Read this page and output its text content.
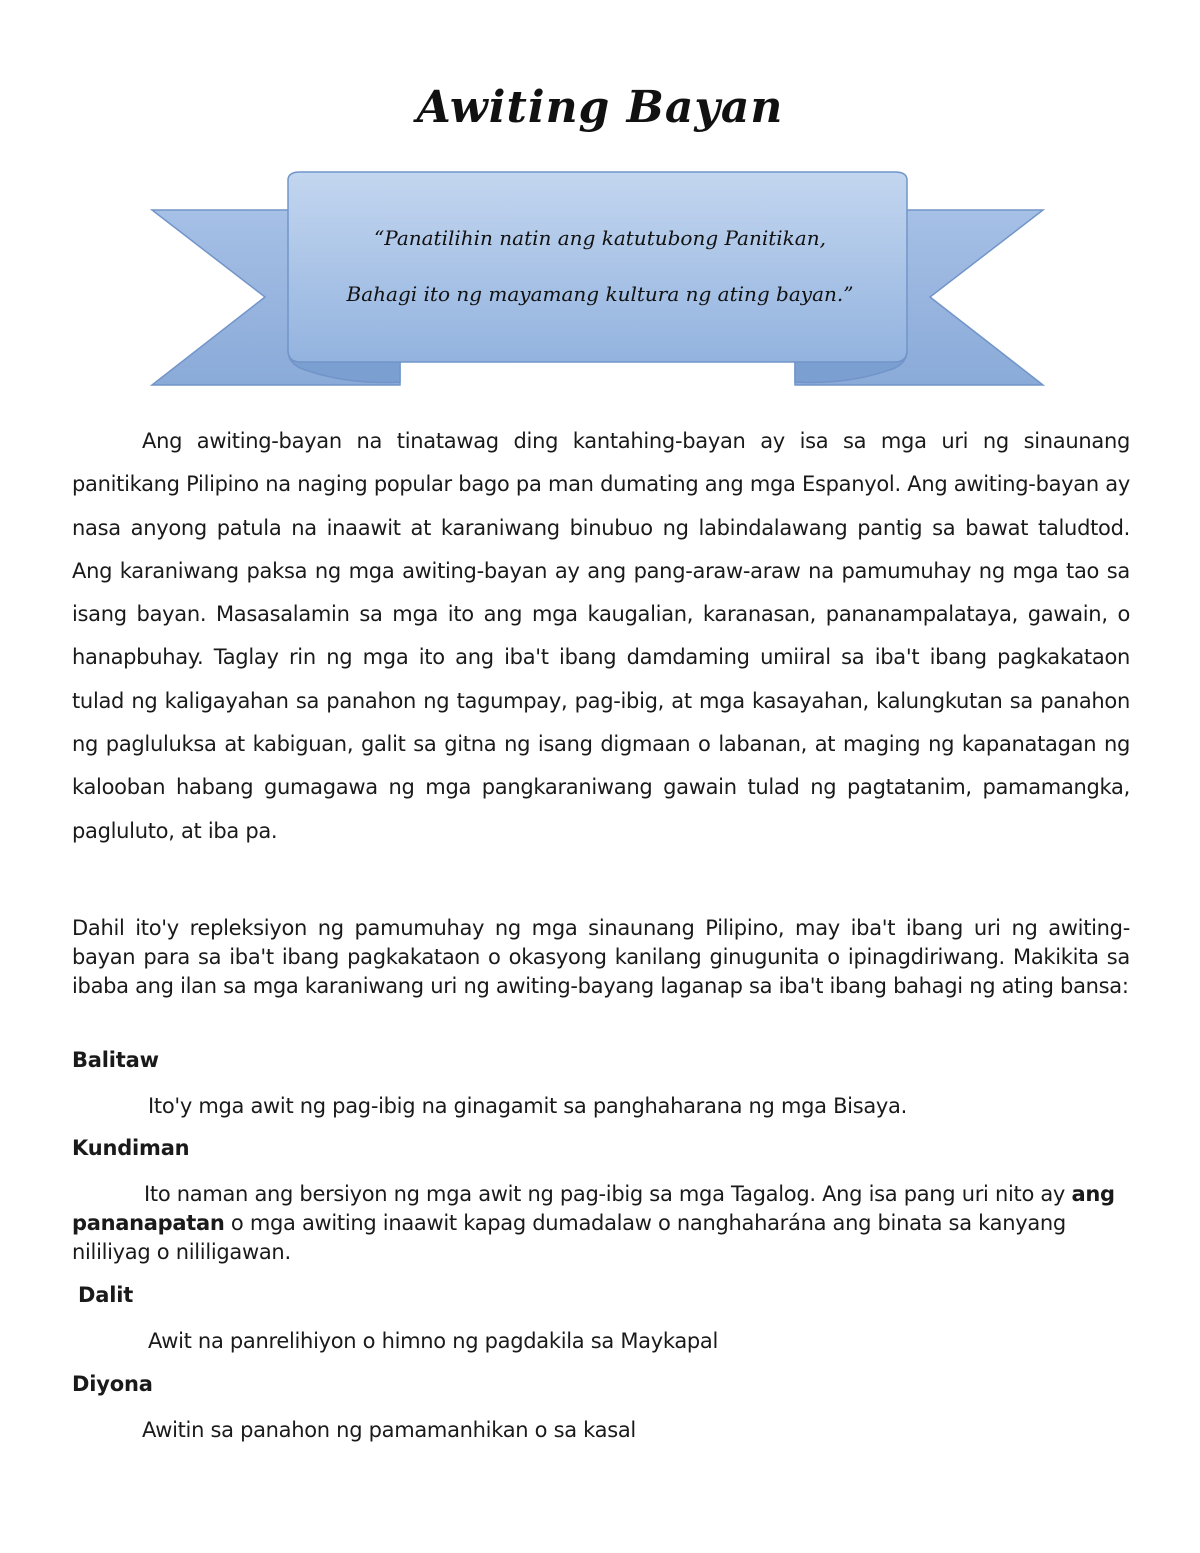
Awiting Bayan
“Panatilihin natin ang katutubong Panitikan,
Bahagi ito ng mayamang kultura ng ating bayan.”

Ang awiting-bayan na tinatawag ding kantahing-bayan ay isa sa mga uri ng sinaunang panitikang Pilipino na naging popular bago pa man dumating ang mga Espanyol. Ang awiting-bayan ay nasa anyong patula na inaawit at karaniwang binubuo ng labindalawang pantig sa bawat taludtod. Ang karaniwang paksa ng mga awiting-bayan ay ang pang-araw-araw na pamumuhay ng mga tao sa isang bayan. Masasalamin sa mga ito ang mga kaugalian, karanasan, pananampalataya, gawain, o hanapbuhay. Taglay rin ng mga ito ang iba't ibang damdaming umiiral sa iba't ibang pagkakataon tulad ng kaligayahan sa panahon ng tagumpay, pag-ibig, at mga kasayahan, kalungkutan sa panahon ng pagluluksa at kabiguan, galit sa gitna ng isang digmaan o labanan, at maging ng kapanatagan ng kalooban habang gumagawa ng mga pangkaraniwang gawain tulad ng pagtatanim, pamamangka, pagluluto, at iba pa.

Dahil ito'y repleksiyon ng pamumuhay ng mga sinaunang Pilipino, may iba't ibang uri ng awiting-bayan para sa iba't ibang pagkakataon o okasyong kanilang ginugunita o ipinagdiriwang. Makikita sa ibaba ang ilan sa mga karaniwang uri ng awiting-bayang laganap sa iba't ibang bahagi ng ating bansa:

Balitaw

Ito'y mga awit ng pag-ibig na ginagamit sa panghaharana ng mga Bisaya.

Kundiman

Ito naman ang bersiyon ng mga awit ng pag-ibig sa mga Tagalog. Ang isa pang uri nito ay ang pananapatan o mga awiting inaawit kapag dumadalaw o nanghaharána ang binata sa kanyang nililiyag o nililigawan.

Dalit

Awit na panrelihiyon o himno ng pagdakila sa Maykapal

Diyona

Awitin sa panahon ng pamamanhikan o sa kasal
